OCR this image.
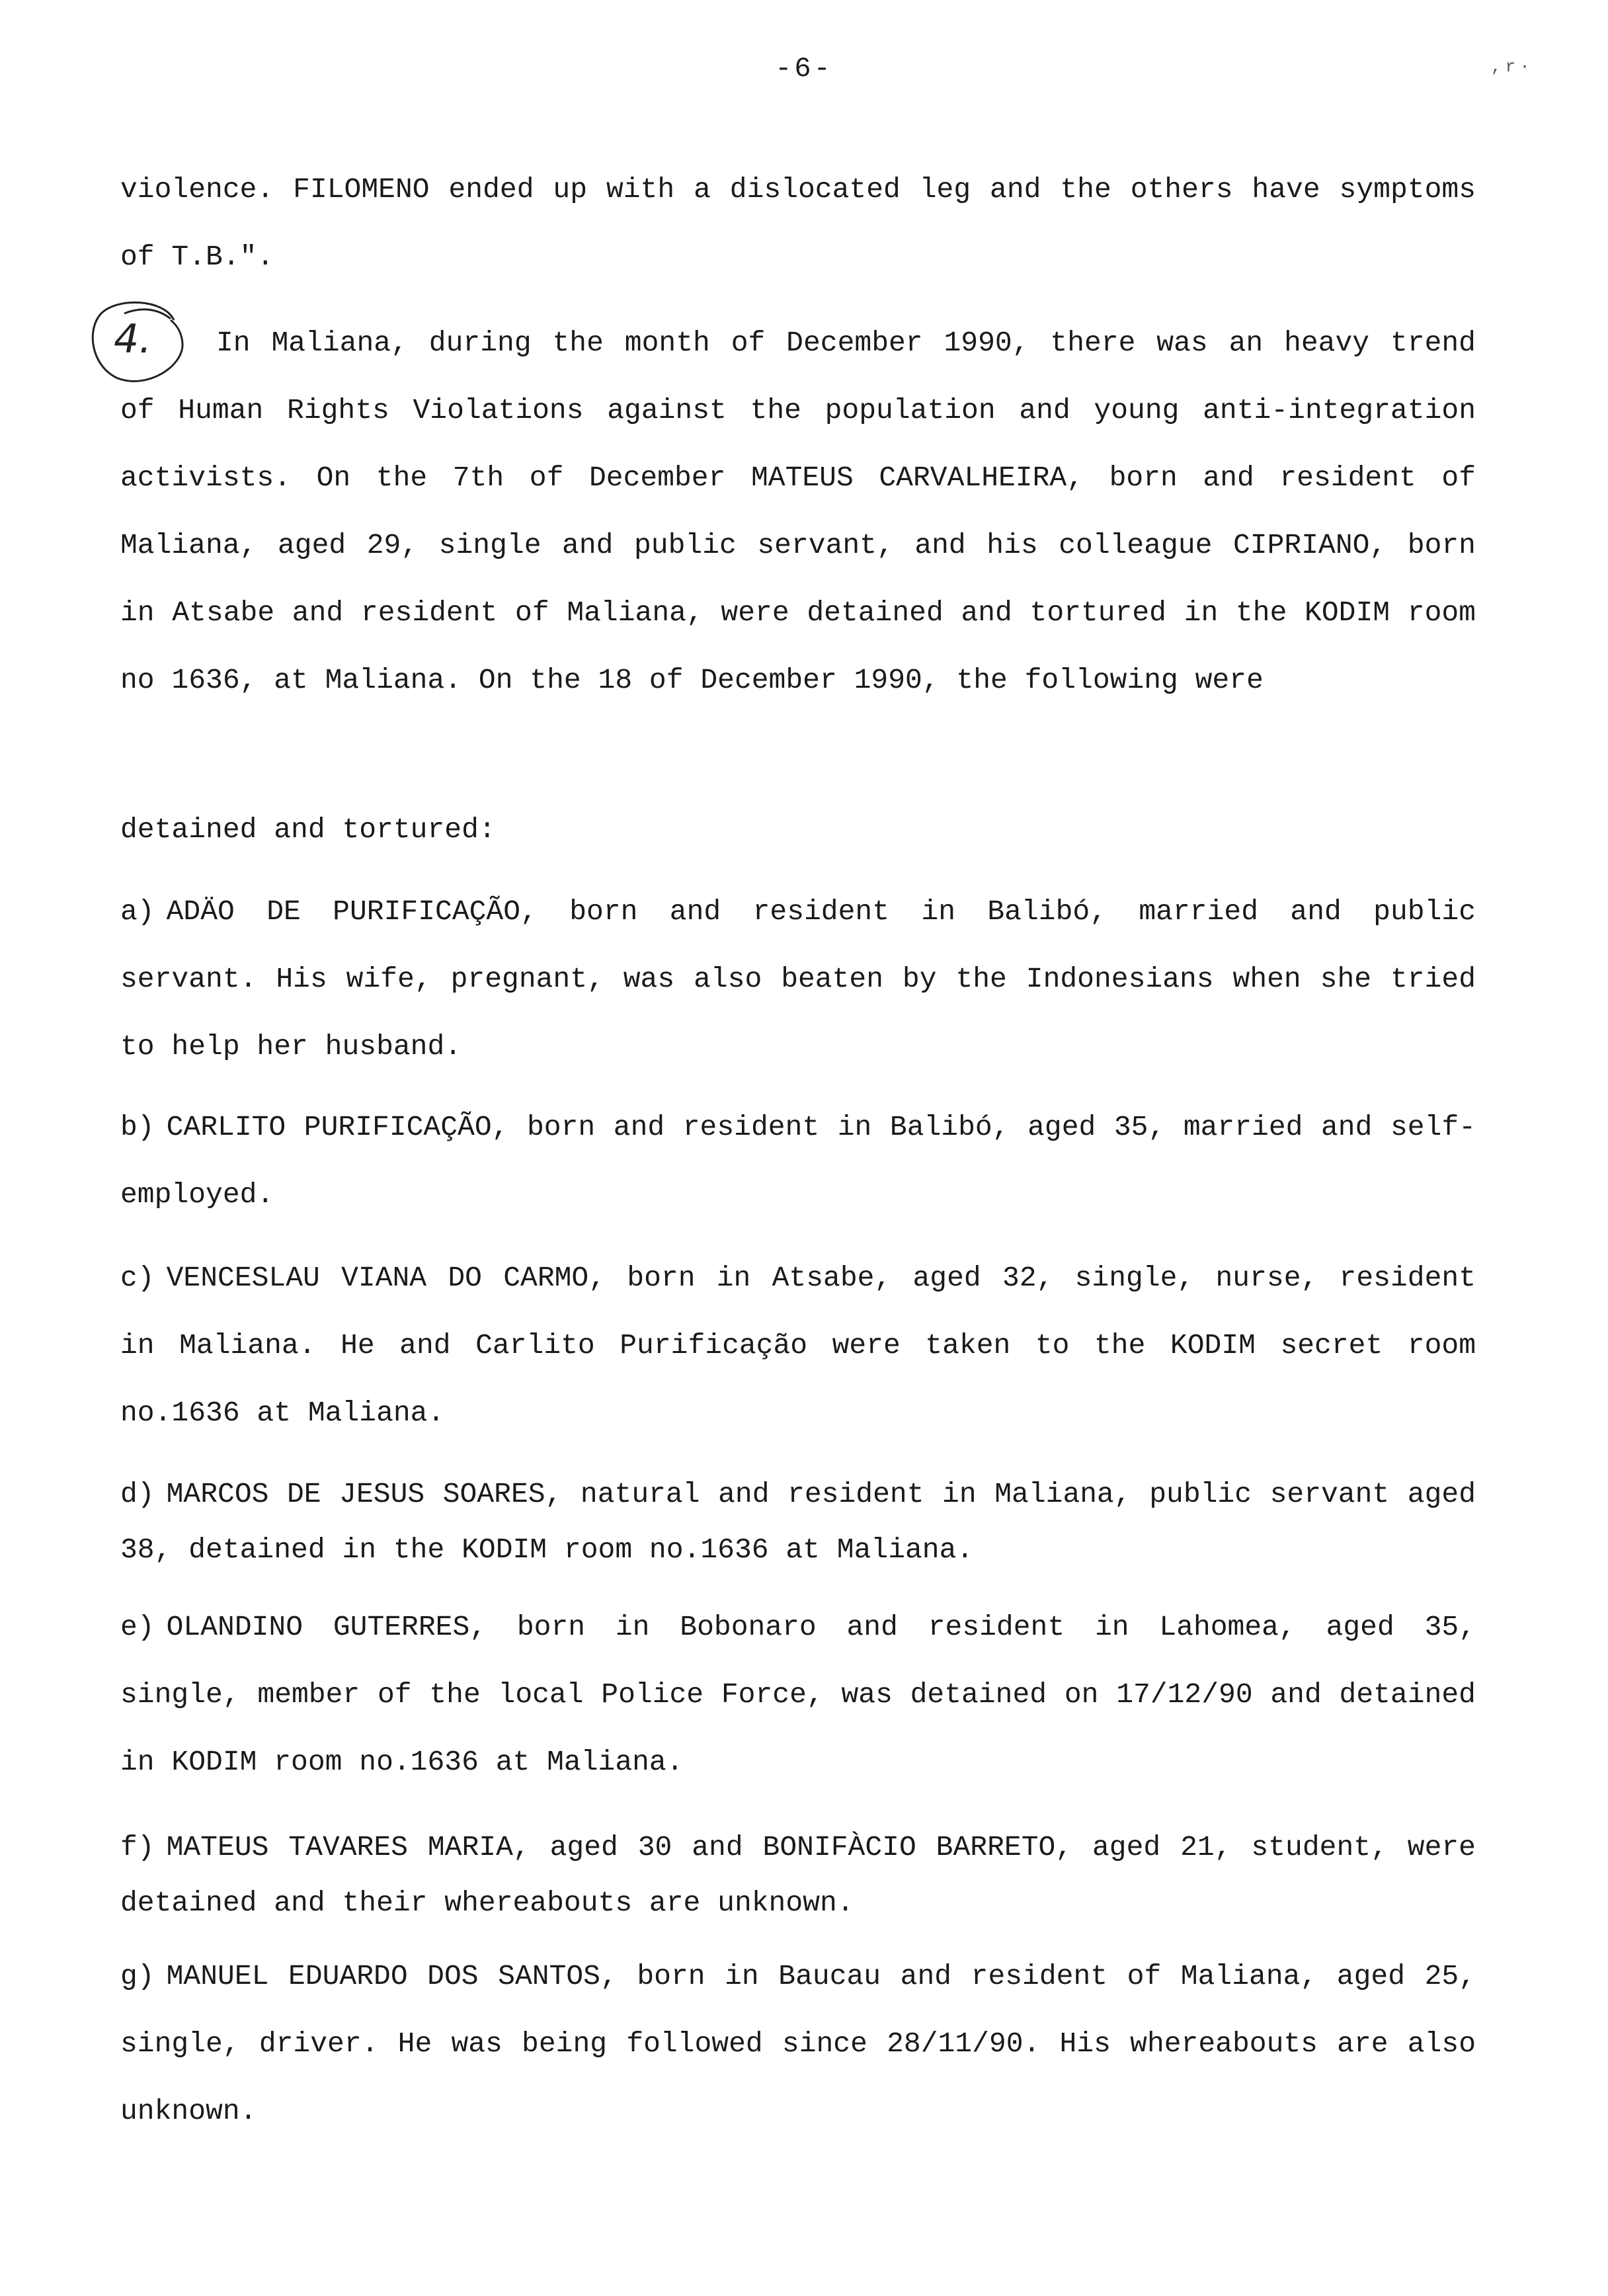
-6-	,r·

violence. FILOMENO ended up with a dislocated leg and the others have symptoms of T.B.".

4.	In Maliana, during the month of December 1990, there was an heavy trend of Human Rights Violations against the population and young anti-integration activists. On the 7th of December MATEUS CARVALHEIRA, born and resident of Maliana, aged 29, single and public servant, and his colleague CIPRIANO, born in Atsabe and resident of Maliana, were detained and tortured in the KODIM room no 1636, at Maliana. On the 18 of December 1990, the following were

detained and tortured:

a) ADÄO DE PURIFICAÇÃO, born and resident in Balibó, married and public servant. His wife, pregnant, was also beaten by the Indonesians when she tried to help her husband.

b) CARLITO PURIFICAÇÃO, born and resident in Balibó, aged 35, married and self-employed.

c) VENCESLAU VIANA DO CARMO, born in Atsabe, aged 32, single, nurse, resident in Maliana. He and Carlito Purificação were taken to the KODIM secret room no.1636 at Maliana.

d) MARCOS DE JESUS SOARES, natural and resident in Maliana, public servant aged 38, detained in the KODIM room no.1636 at Maliana.

e) OLANDINO GUTERRES, born in Bobonaro and resident in Lahomea, aged 35, single, member of the local Police Force, was detained on 17/12/90 and detained in KODIM room no.1636 at Maliana.

f) MATEUS TAVARES MARIA, aged 30 and BONIFÀCIO BARRETO, aged 21, student, were detained and their whereabouts are unknown.

g) MANUEL EDUARDO DOS SANTOS, born in Baucau and resident of Maliana, aged 25, single, driver. He was being followed since 28/11/90. His whereabouts are also unknown.
